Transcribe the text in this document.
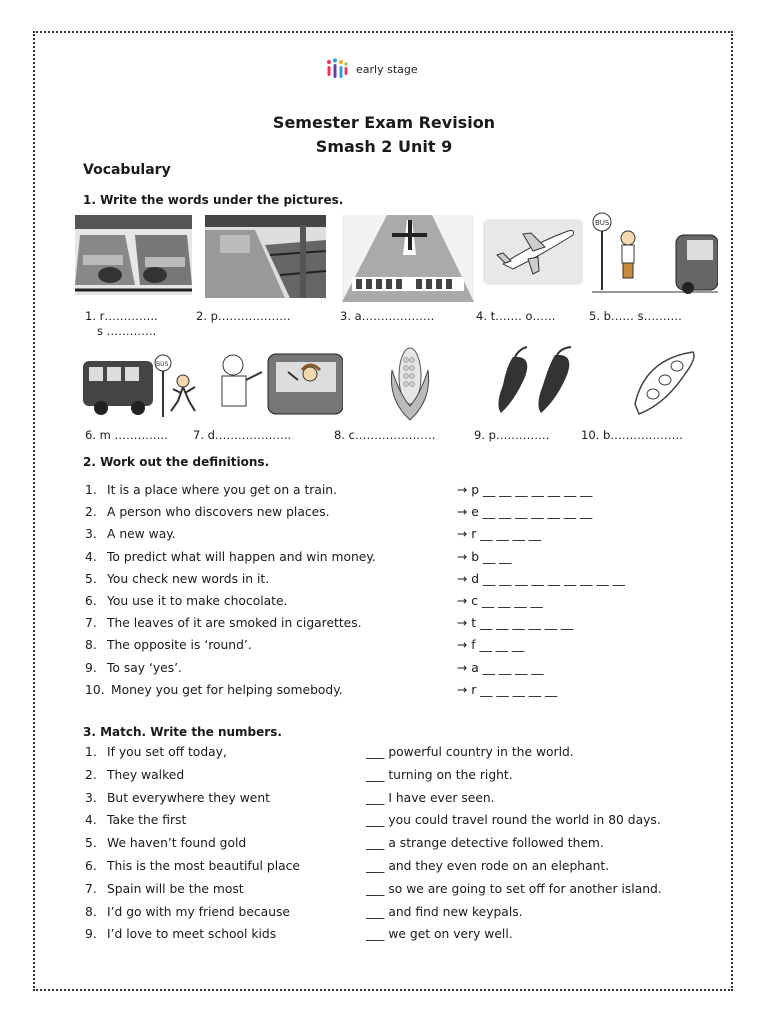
early stage
Semester Exam Revision
Smash 2 Unit 9
Vocabulary
1. Write the words under the pictures.
BUS
1. r…………..
s ………….
2. p……………….	3. a……………….	4. t……. o……	5. b…… s……….
BUS
6. m ………….. 7. d………………..	8. c…………………	9. p…………..	10. b……………….
2. Work out the definitions.
1. It is a place where you get on a train.	→ p __ __ __ __ __ __ __
2. A person who discovers new places.	→ e __ __ __ __ __ __ __
3. A new way.	→ r __ __ __ __
4. To predict what will happen and win money.	→ b __ __
5. You check new words in it.	→ d __ __ __ __ __ __ __ __ __
6. You use it to make chocolate.	→ c __ __ __ __
7. The leaves of it are smoked in cigarettes.	→ t __ __ __ __ __ __
8. The opposite is ‘round’.	→ f __ __ __
9. To say ‘yes’.	→ a __ __ __ __
10. Money you get for helping somebody.	→ r __ __ __ __ __
3. Match. Write the numbers.
1. If you set off today,	___ powerful country in the world.
2. They walked	___ turning on the right.
3. But everywhere they went	___ I have ever seen.
4. Take the first	___ you could travel round the world in 80 days.
5. We haven’t found gold	___ a strange detective followed them.
6. This is the most beautiful place	___ and they even rode on an elephant.
7. Spain will be the most	___ so we are going to set off for another island.
8. I’d go with my friend because	___ and find new keypals.
9. I’d love to meet school kids	___ we get on very well.
